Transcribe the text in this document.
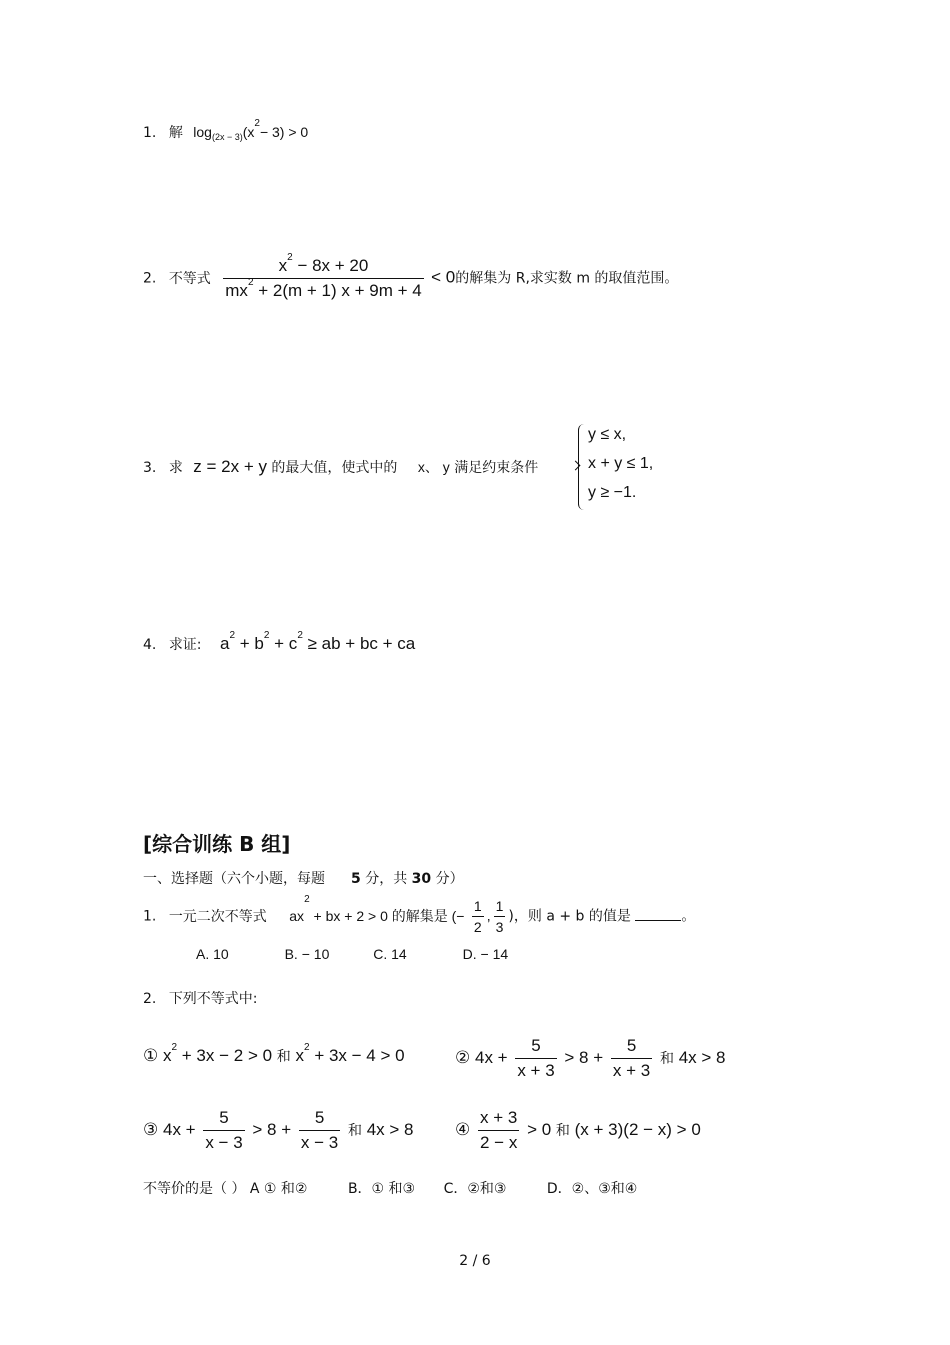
1. 解 $\log_{(2x - 3)}(x^2- 3) > 0$
2. 不等式 $\frac{x^2 - 8x + 20}{mx^2 + 2(m + 1) x + 9m + 4} < 0$的解集为 R,求实数 m 的取值范围。
3. 求 z = 2x + y 的最大值，使式中的 x、 y 满足约束条件
y ≤ x,
x + y ≤ 1,
y ≥ −1.
4. 求证: $a^2 + b^2 + c^2$ ≥ ab + bc + ca
[综合训练 B 组]
一、选择题（六个小题，每题 5 分，共 30 分）
1. 一元二次不等式 $ax^2$ + bx + 2 > 0 的解集是 (− $\frac{1}{2}$ , $\frac{1}{3}$ )，则 a + b 的值是	。
A. 10	B. − 10	C. 14	D. − 14
2. 下列不等式中:
① $x^2 + 3x - 2 > 0$ 和 $x^2 + 3x - 4 > 0$	② $4x + \frac{5}{x + 3} > 8 + \frac{5}{x + 3}$ 和 4x > 8
③ $4x + \frac{5}{x - 3} > 8 + \frac{5}{x - 3}$ 和 4x > 8 ④ $\frac{x + 3}{2 - x} > 0$ 和 (x + 3)(2 − x) > 0
不等价的是（ ） A ① 和②	B．① 和③ C．②和③	D．②、③和④
2 / 6
